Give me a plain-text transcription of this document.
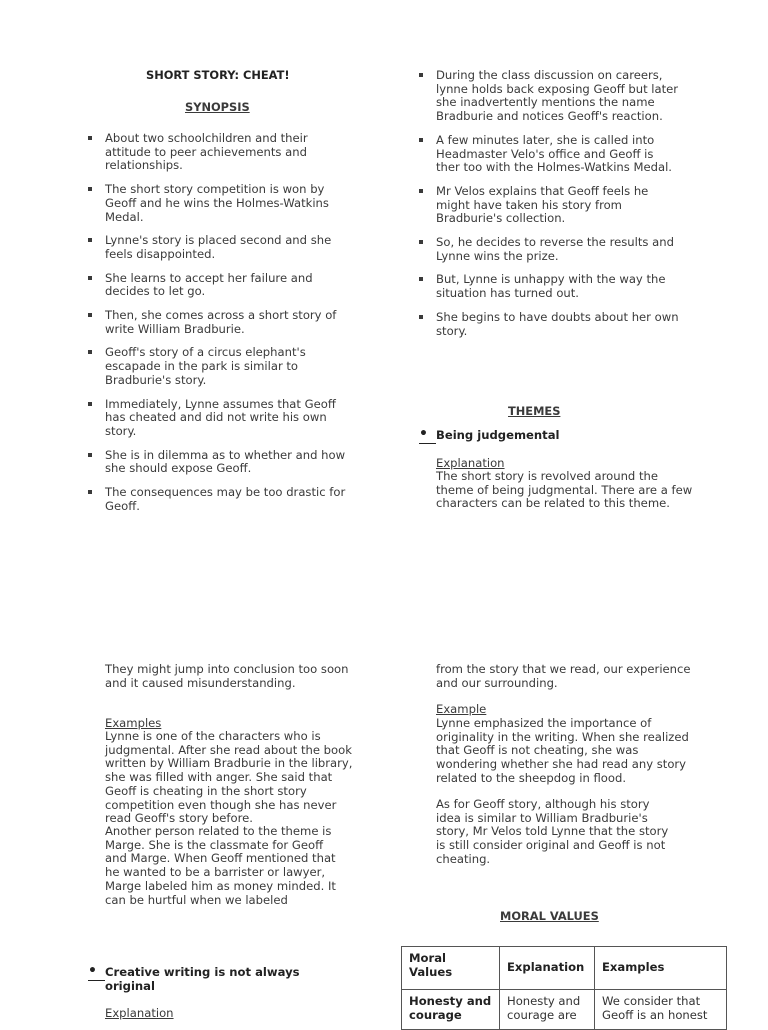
SHORT STORY: CHEAT!
SYNOPSIS
About two schoolchildren and their attitude to peer achievements and relationships.
The short story competition is won by Geoff and he wins the Holmes-Watkins Medal.
Lynne's story is placed second and she feels disappointed.
She learns to accept her failure and decides to let go.
Then, she comes across a short story of write William Bradburie.
Geoff's story of a circus elephant's escapade in the park is similar to Bradburie's story.
Immediately, Lynne assumes that Geoff has cheated and did not write his own story.
She is in dilemma as to whether and how she should expose Geoff.
The consequences may be too drastic for Geoff.
During the class discussion on careers, lynne holds back exposing Geoff but later she inadvertently mentions the name Bradburie and notices Geoff's reaction.
A few minutes later, she is called into Headmaster Velo's office and Geoff is ther too with the Holmes-Watkins Medal.
Mr Velos explains that Geoff feels he might have taken his story from Bradburie's collection.
So, he decides to reverse the results and Lynne wins the prize.
But, Lynne is unhappy with the way the situation has turned out.
She begins to have doubts about her own story.
THEMES
• Being judgemental
Explanation

The short story is revolved around the theme of being judgmental. There are a few characters can be related to this theme.

They might jump into conclusion too soon and it caused misunderstanding.

Examples

Lynne is one of the characters who is judgmental. After she read about the book written by William Bradburie in the library, she was filled with anger. She said that Geoff is cheating in the short story competition even though she has never read Geoff's story before.

Another person related to the theme is Marge. She is the classmate for Geoff and Marge. When Geoff mentioned that he wanted to be a barrister or lawyer, Marge labeled him as money minded. It can be hurtful when we labeled

• Creative writing is not always original
Explanation

from the story that we read, our experience and our surrounding.

Example

Lynne emphasized the importance of originality in the writing. When she realized that Geoff is not cheating, she was wondering whether she had read any story related to the sheepdog in flood.

As for Geoff story, although his story idea is similar to William Bradburie's story, Mr Velos told Lynne that the story is still consider original and Geoff is not cheating.

MORAL VALUES
Moral Values	Explanation	Examples
Honesty and courage	Honesty and courage are	We consider that Geoff is an honest
